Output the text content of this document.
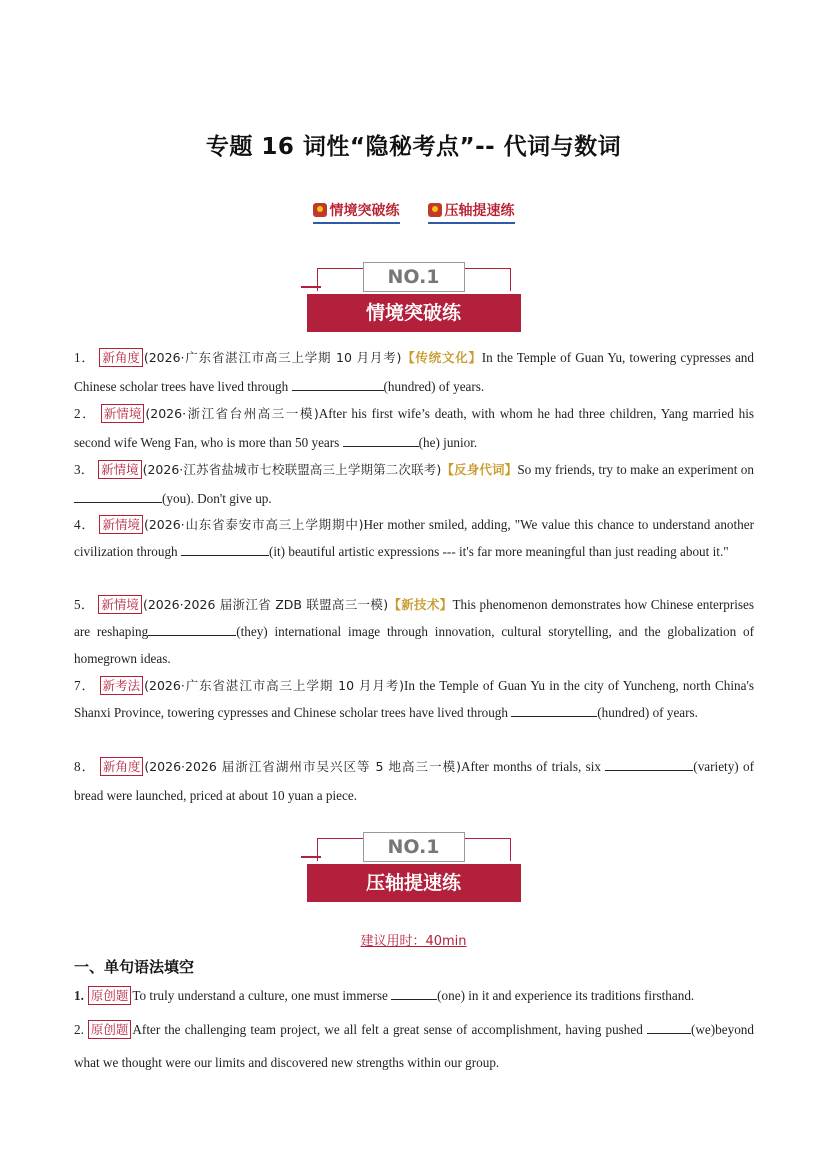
专题 16 词性“隐秘考点”-- 代词与数词
情境突破练	压轴提速练
NO.1
情境突破练

1． 新角度 (2026·广东省湛江市高三上学期 10 月月考)【传统文化】In the Temple of Guan Yu, towering cypresses and Chinese scholar trees have lived through	(hundred) of years.

2． 新情境 (2026·浙江省台州高三一模)After his first wife’s death, with whom he had three children, Yang married his second wife Weng Fan, who is more than 50 years	(he) junior.

3． 新情境 (2026·江苏省盐城市七校联盟高三上学期第二次联考)【反身代词】So my friends, try to make an experiment on (you). Don't give up.

4． 新情境 (2026·山东省泰安市高三上学期期中)Her mother smiled, adding, "We value this chance to understand another civilization through	(it) beautiful artistic expressions --- it's far more meaningful than just reading about it."

5． 新情境 (2026·2026 届浙江省 ZDB 联盟高三一模)【新技术】This phenomenon demonstrates how Chinese enterprises are reshaping	(they) international image through innovation, cultural storytelling, and the globalization of homegrown ideas.

7． 新考法 (2026·广东省湛江市高三上学期 10 月月考)In the Temple of Guan Yu in the city of Yuncheng, north China's Shanxi Province, towering cypresses and Chinese scholar trees have lived through	(hundred) of years.

8． 新角度 (2026·2026 届浙江省湖州市吴兴区等 5 地高三一模)After months of trials, six	(variety) of bread were launched, priced at about 10 yuan a piece.

NO.1
压轴提速练
建议用时：40min
一、单句语法填空

1. 原创题 To truly understand a culture, one must immerse	(one) in it and experience its traditions firsthand.

2. 原创题 After the challenging team project, we all felt a great sense of accomplishment, having pushed	(we)beyond what we thought were our limits and discovered new strengths within our group.
